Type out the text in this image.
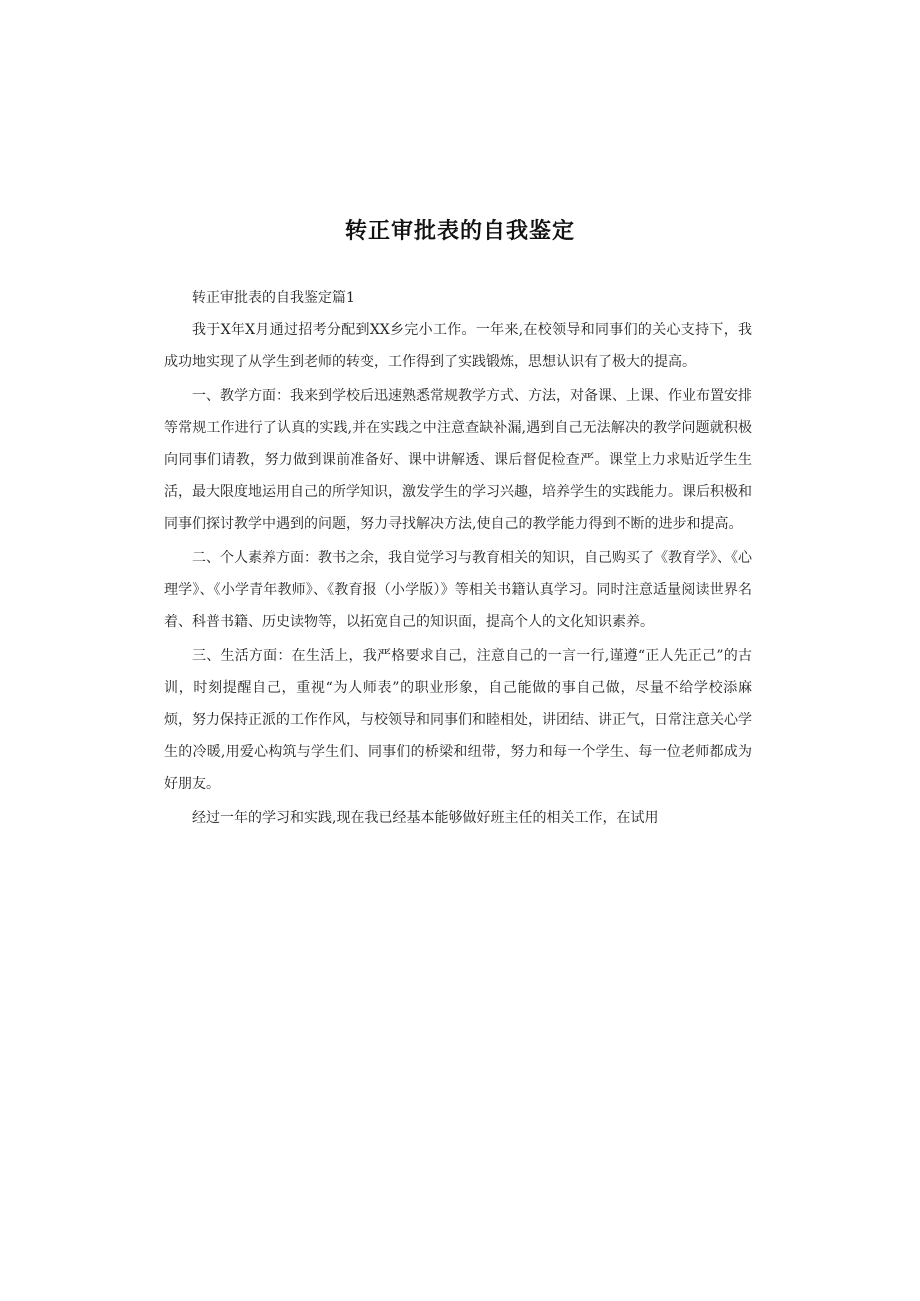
转正审批表的自我鉴定

转正审批表的自我鉴定篇1

我于X年X月通过招考分配到XX乡完小工作。一年来,在校领导和同事们的关心支持下，我成功地实现了从学生到老师的转变，工作得到了实践锻炼，思想认识有了极大的提高。

一、教学方面：我来到学校后迅速熟悉常规教学方式、方法，对备课、上课、作业布置安排等常规工作进行了认真的实践,并在实践之中注意查缺补漏,遇到自己无法解决的教学问题就积极向同事们请教，努力做到课前准备好、课中讲解透、课后督促检查严。课堂上力求贴近学生生活，最大限度地运用自己的所学知识，激发学生的学习兴趣，培养学生的实践能力。课后积极和同事们探讨教学中遇到的问题，努力寻找解决方法,使自己的教学能力得到不断的进步和提高。

二、个人素养方面：教书之余，我自觉学习与教育相关的知识，自己购买了《教育学》、《心理学》、《小学青年教师》、《教育报（小学版）》等相关书籍认真学习。同时注意适量阅读世界名着、科普书籍、历史读物等，以拓宽自己的知识面，提高个人的文化知识素养。

三、生活方面：在生活上，我严格要求自己，注意自己的一言一行,谨遵“正人先正己”的古训，时刻提醒自己，重视“为人师表”的职业形象，自己能做的事自己做，尽量不给学校添麻烦，努力保持正派的工作作风，与校领导和同事们和睦相处，讲团结、讲正气，日常注意关心学生的冷暖,用爱心构筑与学生们、同事们的桥梁和纽带，努力和每一个学生、每一位老师都成为好朋友。

经过一年的学习和实践,现在我已经基本能够做好班主任的相关工作，在试用
